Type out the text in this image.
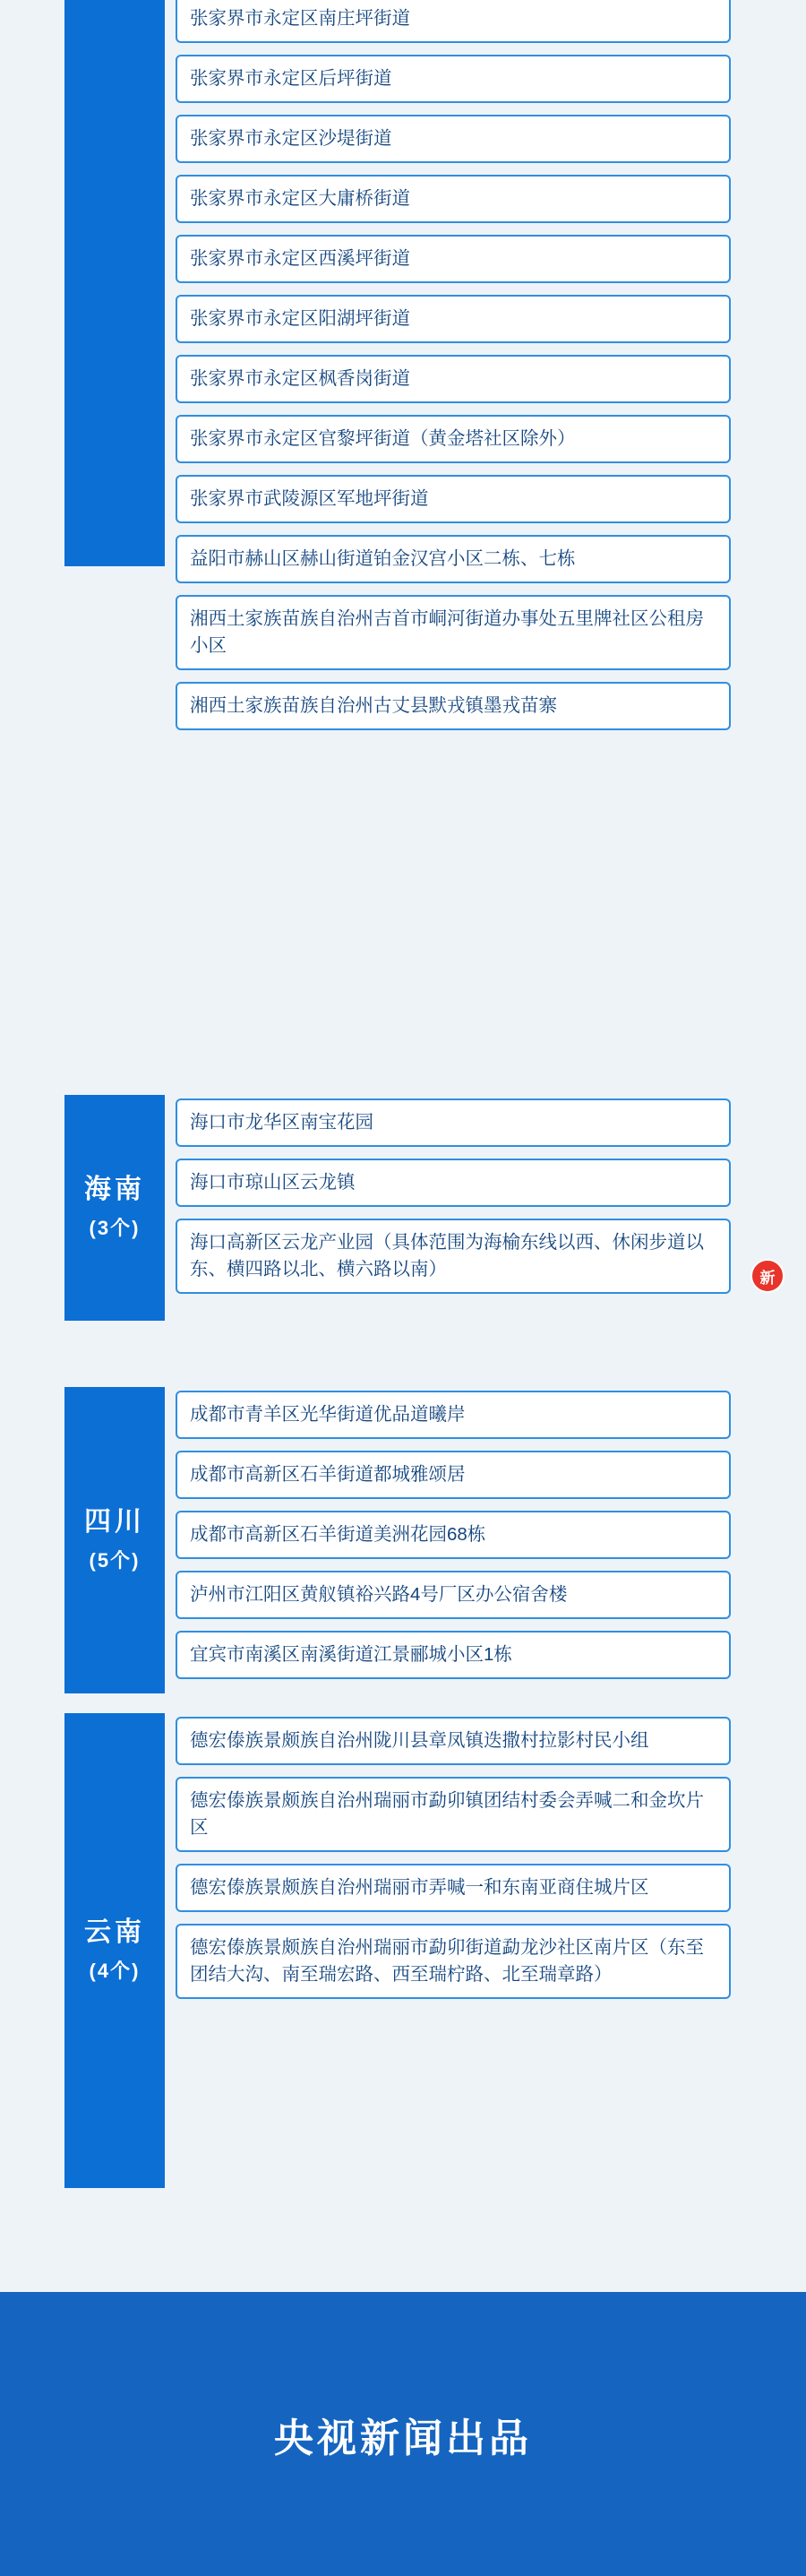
张家界市永定区南庄坪街道
张家界市永定区后坪街道
张家界市永定区沙堤街道
张家界市永定区大庸桥街道
张家界市永定区西溪坪街道
张家界市永定区阳湖坪街道
张家界市永定区枫香岗街道
张家界市永定区官黎坪街道（黄金塔社区除外）
张家界市武陵源区军地坪街道
益阳市赫山区赫山街道铂金汉宫小区二栋、七栋
湘西土家族苗族自治州吉首市峒河街道办事处五里牌社区公租房小区
湘西土家族苗族自治州古丈县默戎镇墨戎苗寨
海南
(3个)
海口市龙华区南宝花园
海口市琼山区云龙镇
海口高新区云龙产业园（具体范围为海榆东线以西、休闲步道以东、横四路以北、横六路以南）	新
四川
(5个)
成都市青羊区光华街道优品道曦岸
成都市高新区石羊街道都城雅颂居
成都市高新区石羊街道美洲花园68栋
泸州市江阳区黄舣镇裕兴路4号厂区办公宿舍楼
宜宾市南溪区南溪街道江景郦城小区1栋
云南
(4个)
德宏傣族景颇族自治州陇川县章凤镇迭撒村拉影村民小组
德宏傣族景颇族自治州瑞丽市勐卯镇团结村委会弄喊二和金坎片区
德宏傣族景颇族自治州瑞丽市弄喊一和东南亚商住城片区
德宏傣族景颇族自治州瑞丽市勐卯街道勐龙沙社区南片区（东至团结大沟、南至瑞宏路、西至瑞柠路、北至瑞章路）
央视新闻出品
